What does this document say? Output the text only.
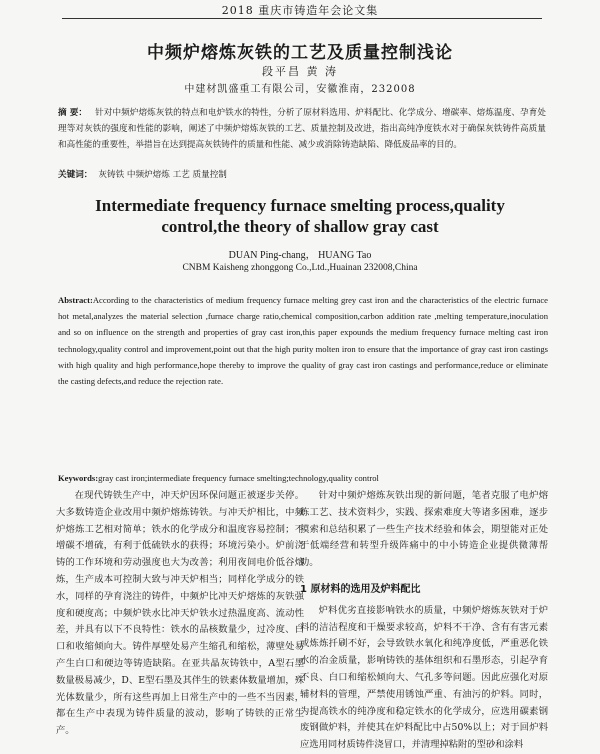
2018 重庆市铸造年会论文集
中频炉熔炼灰铁的工艺及质量控制浅论
段平昌 黄 涛
中建材凯盛重工有限公司，安徽淮南，232008
摘 要： 针对中频炉熔炼灰铁的特点和电炉铁水的特性，分析了原材料选用、炉料配比、化学成分、增碳率、熔炼温度、孕育处理等对灰铁的强度和性能的影响，阐述了中频炉熔炼灰铁的工艺、质量控制及改进，指出高纯净度铁水对于确保灰铁铸件高质量和高性能的重要性，举措旨在达到提高灰铁铸件的质量和性能、减少或消除铸造缺陷、降低废品率的目的。
关键词： 灰铸铁 中频炉熔炼 工艺 质量控制
Intermediate frequency furnace smelting process,quality control,the theory of shallow gray cast
DUAN Ping-chang， HUANG Tao
CNBM Kaisheng zhonggong Co.,Ltd.,Huainan 232008,China
Abstract:According to the characteristics of medium frequency furnace melting grey cast iron and the characteristics of the electric furnace hot metal,analyzes the material selection ,furnace charge ratio,chemical composition,carbon addition rate ,melting temperature,inoculation and so on influence on the strength and properties of gray cast iron,this paper expounds the medium frequency furnace melting cast iron technology,quality control and improvement,point out that the high purity molten iron to ensure that the importance of gray cast iron castings with high quality and high performance,hope thereby to improve the quality of gray cast iron castings and performance,reduce or eliminate the casting defects,and reduce the rejection rate.
Keywords:gray cast iron;intermediate frequency furnace smelting;technology,quality control

在现代铸铁生产中，冲天炉因环保问题正被逐步关停。大多数铸造企业改用中频炉熔炼铸铁。与冲天炉相比，中频炉熔炼工艺相对简单；铁水的化学成分和温度容易控制；不增碳不增硫，有利于低硫铁水的获得；环境污染小。炉前浇铸的工作环境和劳动强度也大为改善；利用夜间电价低谷熔炼，生产成本可控制大致与冲天炉相当；同样化学成分的铁水，同样的孕育浇注的铸件，中频炉比冲天炉熔炼的灰铁强度和硬度高；中频炉铁水比冲天炉铁水过热温度高、流动性差，并具有以下不良特性：铁水的品核数量少，过冷度、白口和收缩倾向大。铸件厚壁处易产生缩孔和缩松，薄壁处易产生白口和硬边等铸造缺陷。在亚共晶灰铸铁中，A型石墨数量极易减少，D、E型石墨及其伴生的铁素体数量增加，殊光体数量少，所有这些再加上日常生产中的一些不当因素，都在生产中表现为铸件质量的波动，影响了铸铁的正常生产。

针对中频炉熔炼灰铁出现的新问题，笔者克服了电炉熔炼工艺、技术资料少，实践、探索难度大等诸多困难，逐步摸索和总结积累了一些生产技术经验和体会，期望能对正处于低端经营和转型升级阵痛中的中小铸造企业提供微薄帮助。

1 原材料的选用及炉料配比

炉料优劣直接影响铁水的质量，中频炉熔炼灰铁对于炉料的洁洁程度和干燥要求较高，炉料不干净、含有有害元素或炼炼扦刷不好，会导致铁水氧化和纯净度低，严重恶化铁水的冶金质量，影响铸铁的基体组织和石墨形态，引起孕育不良、白口和缩松倾向大、气孔多等问题。因此应强化对原辅材料的管理，严禁使用锈蚀严重、有油污的炉料。同时，为提高铁水的纯净度和稳定铁水的化学成分，应选用碳素钢废钢做炉料，并使其在炉料配比中占50%以上；对于回炉料应选用同材质铸件浇冒口，并清理掉粘附的型砂和涂料
